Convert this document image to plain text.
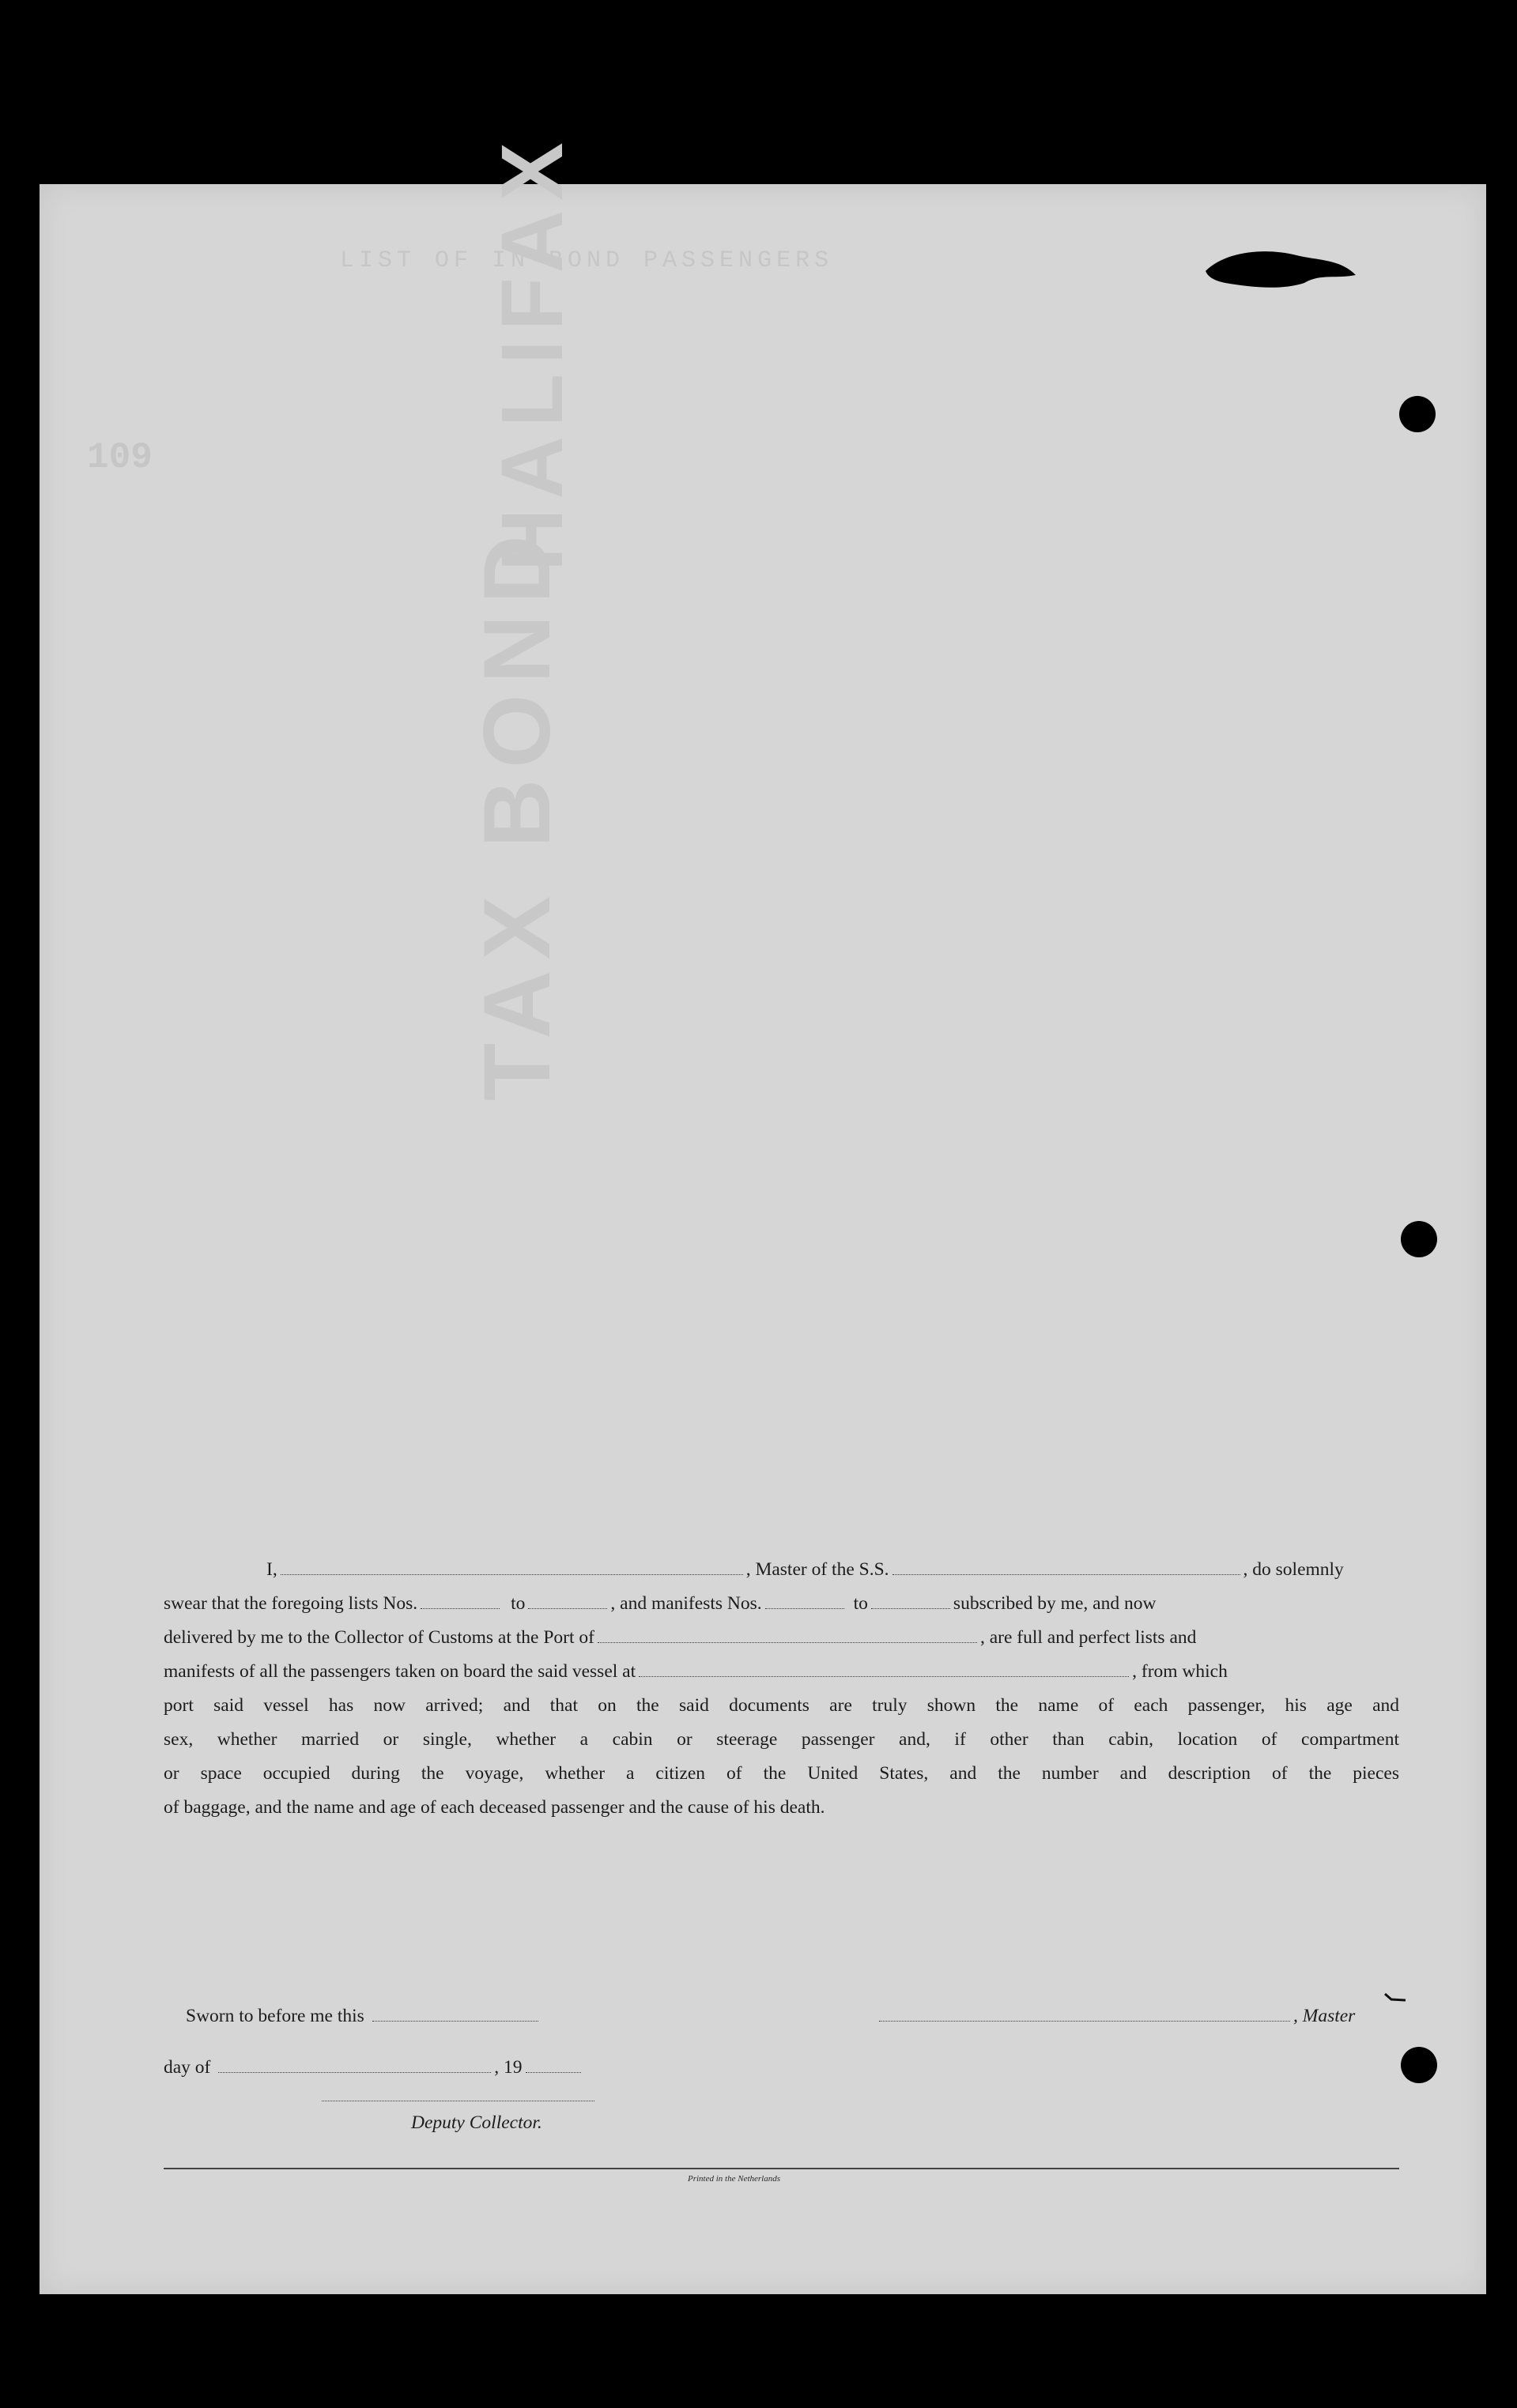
LIST OF IN-BOND PASSENGERS
109	HALIFAX
TAX BOND
I,	, Master of the S.S.	, do solemnly
swear that the foregoing lists Nos.	to	, and manifests Nos.	to	subscribed by me, and now
delivered by me to the Collector of Customs at the Port of	, are full and perfect lists and
manifests of all the passengers taken on board the said vessel at	, from which
port said vessel has now arrived; and that on the said documents are truly shown the name of each passenger, his age and
sex, whether married or single, whether a cabin or steerage passenger and, if other than cabin, location of compartment
or space occupied during the voyage, whether a citizen of the United States, and the number and description of the pieces
of baggage, and the name and age of each deceased passenger and the cause of his death.
Sworn to before me this	, Master
day of	, 19
Deputy Collector.
Printed in the Netherlands
